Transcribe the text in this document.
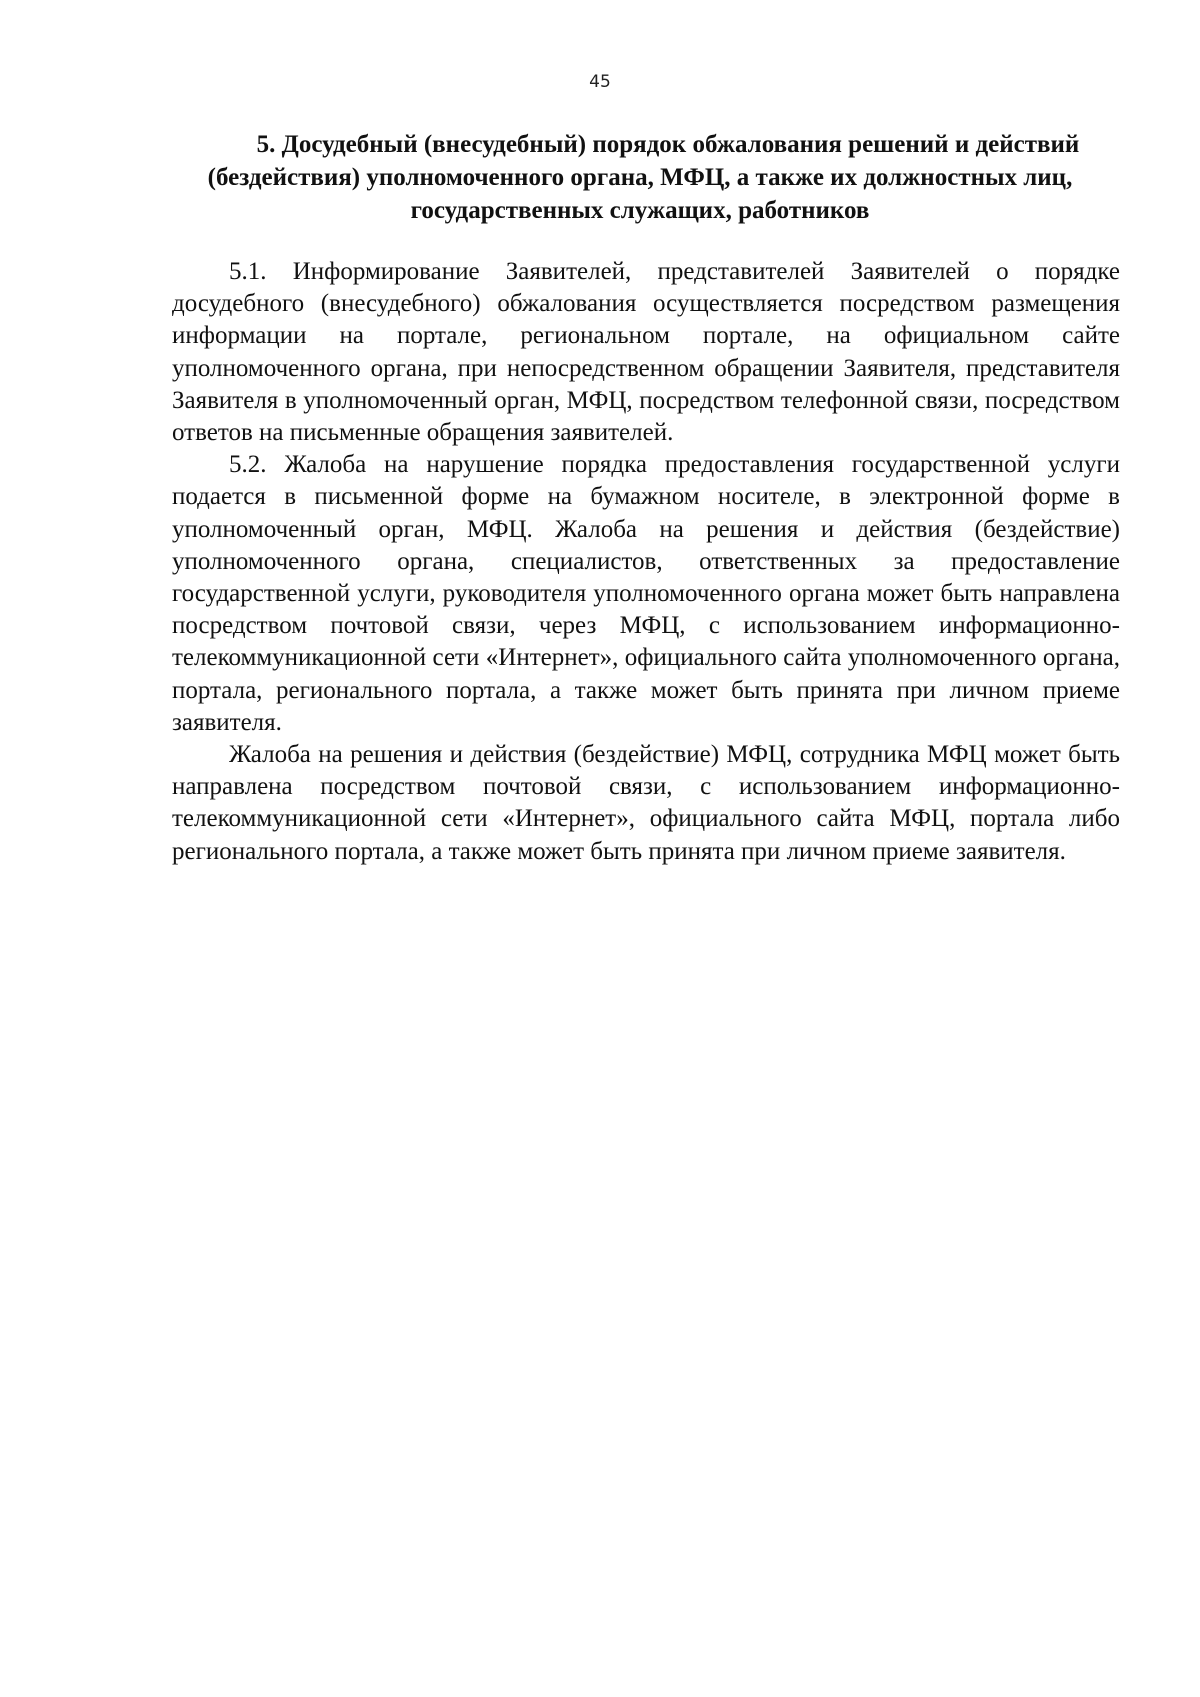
45
5. Досудебный (внесудебный) порядок обжалования решений и действий (бездействия) уполномоченного органа, МФЦ, а также их должностных лиц, государственных служащих, работников

5.1. Информирование Заявителей, представителей Заявителей о порядке досудебного (внесудебного) обжалования осуществляется посредством размещения информации на портале, региональном портале, на официальном сайте уполномоченного органа, при непосредственном обращении Заявителя, представителя Заявителя в уполномоченный орган, МФЦ, посредством телефонной связи, посредством ответов на письменные обращения заявителей.

5.2. Жалоба на нарушение порядка предоставления государственной услуги подается в письменной форме на бумажном носителе, в электронной форме в уполномоченный орган, МФЦ. Жалоба на решения и действия (бездействие) уполномоченного органа, специалистов, ответственных за предоставление государственной услуги, руководителя уполномоченного органа может быть направлена посредством почтовой связи, через МФЦ, с использованием информационно-телекоммуникационной сети «Интернет», официального сайта уполномоченного органа, портала, регионального портала, а также может быть принята при личном приеме заявителя.

Жалоба на решения и действия (бездействие) МФЦ, сотрудника МФЦ может быть направлена посредством почтовой связи, с использованием информационно-телекоммуникационной сети «Интернет», официального сайта МФЦ, портала либо регионального портала, а также может быть принята при личном приеме заявителя.
